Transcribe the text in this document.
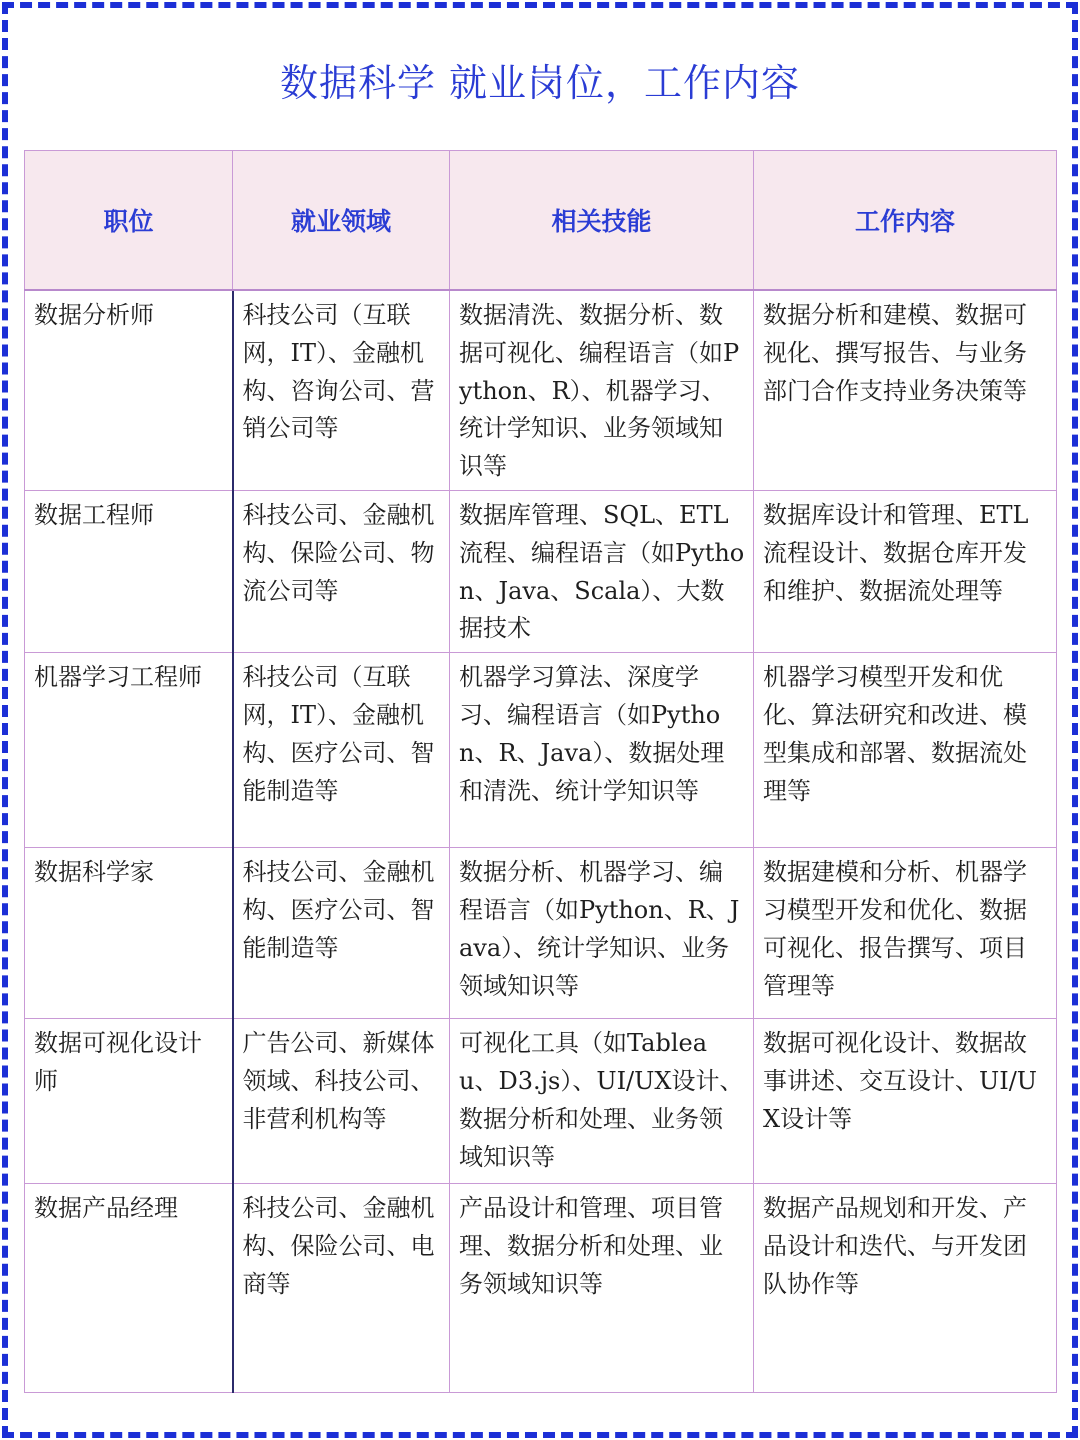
数据科学 就业岗位，工作内容
职位	就业领域	相关技能	工作内容
数据分析师	科技公司（互联网，IT）、金融机构、咨询公司、营销公司等	数据清洗、数据分析、数据可视化、编程语言（如Python、R）、机器学习、统计学知识、业务领域知识等	数据分析和建模、数据可视化、撰写报告、与业务部门合作支持业务决策等
数据工程师	科技公司、金融机构、保险公司、物流公司等	数据库管理、SQL、ETL流程、编程语言（如Python、Java、Scala）、大数据技术	数据库设计和管理、ETL流程设计、数据仓库开发和维护、数据流处理等
机器学习工程师	科技公司（互联网，IT）、金融机构、医疗公司、智能制造等	机器学习算法、深度学习、编程语言（如Python、R、Java）、数据处理和清洗、统计学知识等	机器学习模型开发和优化、算法研究和改进、模型集成和部署、数据流处理等
数据科学家	科技公司、金融机构、医疗公司、智能制造等	数据分析、机器学习、编程语言（如Python、R、Java）、统计学知识、业务领域知识等	数据建模和分析、机器学习模型开发和优化、数据可视化、报告撰写、项目管理等
数据可视化设计师	广告公司、新媒体领域、科技公司、非营利机构等	可视化工具（如Tableau、D3.js）、UI/UX设计、数据分析和处理、业务领域知识等	数据可视化设计、数据故事讲述、交互设计、UI/UX设计等
数据产品经理	科技公司、金融机构、保险公司、电商等	产品设计和管理、项目管理、数据分析和处理、业务领域知识等	数据产品规划和开发、产品设计和迭代、与开发团队协作等
